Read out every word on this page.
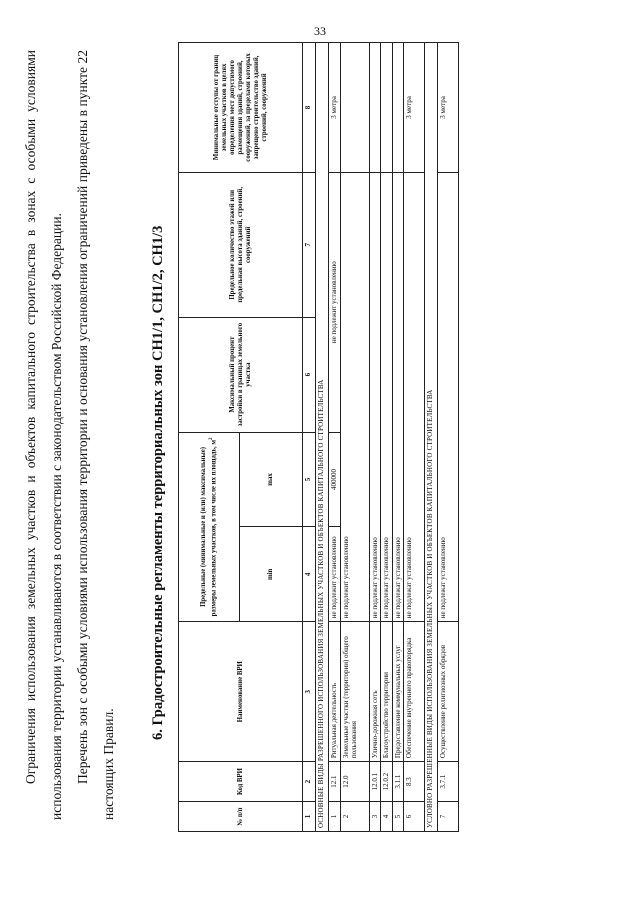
33

Ограничения использования земельных участков и объектов капитального строительства в зонах с особыми условиями использования территории устанавливаются в соответствии с законодательством Российской Федерации. Перечень зон с особыми условиями использования территории и основания установления ограничений приведены в пункте 22 настоящих Правил.

6. Градостроительные регламенты территориальных зон СН1/1, СН1/2, СН1/3
№ п/п	Код ВРИ	Наименование ВРИ	Предельные (минимальные и (или) максимальные) размеры земельных участков, в том числе их площадь, $м^2$		Максимальный процент застройки в границах земельного участка	Предельное количество этажей или предельная высота зданий, строений, сооружений	Минимальные отступы от границ земельных участков в целях определения мест допустимого размещения зданий, строений, сооружений, за пределами которых запрещено строительство зданий, строений, сооружений
			min	max			
1	2	3	4	5	6	7	8
ОСНОВНЫЕ ВИДЫ РАЗРЕШЕННОГО ИСПОЛЬЗОВАНИЯ ЗЕМЕЛЬНЫХ УЧАСТКОВ И ОБЪЕКТОВ КАПИТАЛЬНОГО СТРОИТЕЛЬСТВА							
1	12.1	Ритуальная деятельность	не подлежит установлению	400000	не подлежит установлению		3 метра
2	12.0	Земельные участки (территории) общего пользования	не подлежит установлению				
3	12.0.1	Улично-дорожная сеть	не подлежат установлению				
4	12.0.2	Благоустройство территории	не подлежат установлению				
5	3.1.1	Предоставление коммунальных услуг	не подлежат установлению				
6	8.3	Обеспечение внутреннего правопорядка	не подлежат установлению				3 метра
УСЛОВНО РАЗРЕШЕННЫЕ ВИДЫ ИСПОЛЬЗОВАНИЯ ЗЕМЕЛЬНЫХ УЧАСТКОВ И ОБЪЕКТОВ КАПИТАЛЬНОГО СТРОИТЕЛЬСТВА							
7	3.7.1	Осуществление религиозных обрядов	не подлежат установлению				3 метра
